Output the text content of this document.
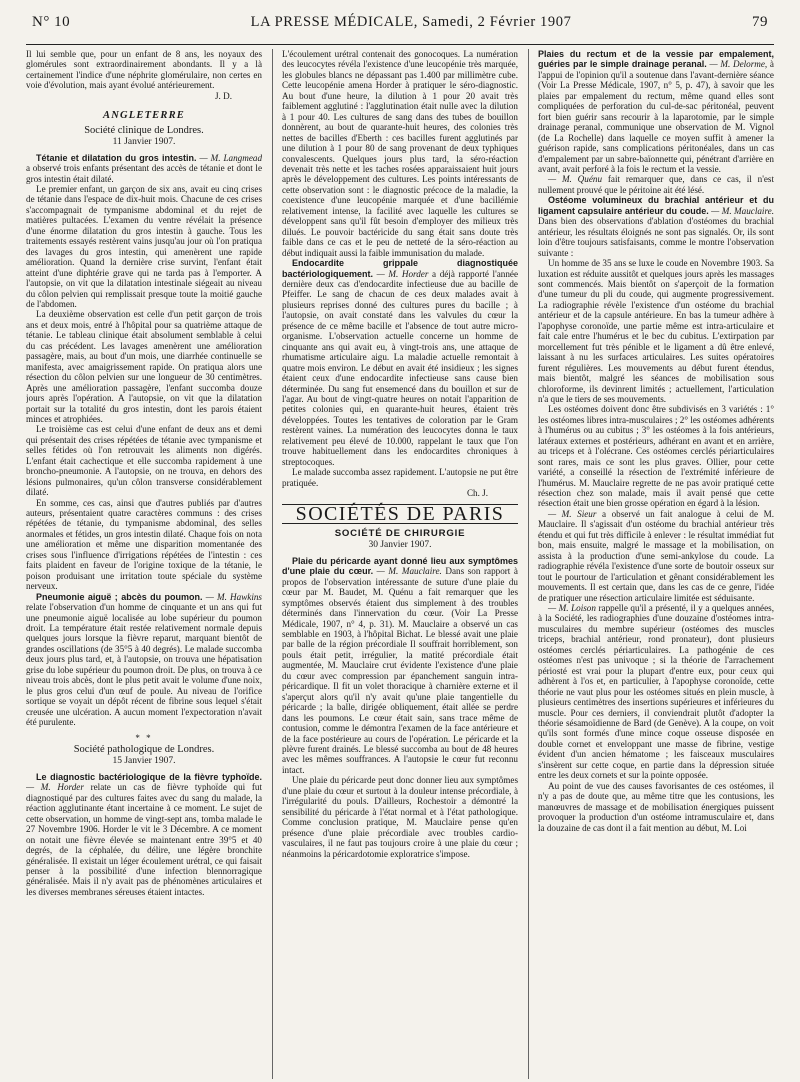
N° 10	LA PRESSE MÉDICALE, Samedi, 2 Février 1907	79

Il lui semble que, pour un enfant de 8 ans, les noyaux des glomérules sont extraordinairement abondants. Il y a là certainement l'indice d'une néphrite glomérulaire, non certes en voie d'évolution, mais ayant évolué antérieurement.

J. D.

ANGLETERRE
Société clinique de Londres.
11 Janvier 1907.

Tétanie et dilatation du gros intestin. — M. Langmead a observé trois enfants présentant des accès de tétanie et dont le gros intestin était dilaté.

Le premier enfant, un garçon de six ans, avait eu cinq crises de tétanie dans l'espace de dix-huit mois. Chacune de ces crises s'accompagnait de tympanisme abdominal et du rejet de matières pultacées. L'examen du ventre révélait la présence d'une énorme dilatation du gros intestin à gauche. Tous les traitements essayés restèrent vains jusqu'au jour où l'on pratiqua des lavages du gros intestin, qui amenèrent une rapide amélioration. Quand la dernière crise survint, l'enfant était atteint d'une diphtérie grave qui ne tarda pas à l'emporter. A l'autopsie, on vit que la dilatation intestinale siégeait au niveau du côlon pelvien qui remplissait presque toute la moitié gauche de l'abdomen.

La deuxième observation est celle d'un petit garçon de trois ans et deux mois, entré à l'hôpital pour sa quatrième attaque de tétanie. Le tableau clinique était absolument semblable à celui du cas précédent. Les lavages amenèrent une amélioration passagère, mais, au bout d'un mois, une diarrhée continuelle se manifesta, avec amaigrissement rapide. On pratiqua alors une résection du côlon pelvien sur une longueur de 30 centimètres. Après une amélioration passagère, l'enfant succomba douze jours après l'opération. A l'autopsie, on vit que la dilatation portait sur la totalité du gros intestin, dont les parois étaient minces et atrophiées.

Le troisième cas est celui d'une enfant de deux ans et demi qui présentait des crises répétées de tétanie avec tympanisme et selles fétides où l'on retrouvait les aliments non digérés. L'enfant était cachectique et elle succomba rapidement à une broncho-pneumonie. A l'autopsie, on ne trouva, en dehors des lésions pulmonaires, qu'un côlon transverse considérablement dilaté.

En somme, ces cas, ainsi que d'autres publiés par d'autres auteurs, présentaient quatre caractères communs : des crises répétées de tétanie, du tympanisme abdominal, des selles anormales et fétides, un gros intestin dilaté. Chaque fois on nota une amélioration et même une disparition momentanée des crises sous l'influence d'irrigations répétées de l'intestin : ces faits plaident en faveur de l'origine toxique de la tétanie, le poison produisant une irritation toute spéciale du système nerveux.

Pneumonie aiguë ; abcès du poumon. — M. Hawkins relate l'observation d'un homme de cinquante et un ans qui fut une pneumonie aiguë localisée au lobe supérieur du poumon droit. La température était restée relativement normale depuis quelques jours lorsque la fièvre reparut, marquant bientôt de grandes oscillations (de 35°5 à 40 degrés). Le malade succomba deux jours plus tard, et, à l'autopsie, on trouva une hépatisation grise du lobe supérieur du poumon droit. De plus, on trouva à ce niveau trois abcès, dont le plus petit avait le volume d'une noix, le plus gros celui d'un œuf de poule. Au niveau de l'orifice sortique se voyait un dépôt récent de fibrine sous lequel s'était creusée une ulcération. A aucun moment l'expectoration n'avait été purulente.

* *
Société pathologique de Londres.
15 Janvier 1907.

Le diagnostic bactériologique de la fièvre typhoïde. — M. Horder relate un cas de fièvre typhoïde qui fut diagnostiqué par des cultures faites avec du sang du malade, la réaction agglutinante étant incertaine à ce moment. Le sujet de cette observation, un homme de vingt-sept ans, tomba malade le 27 Novembre 1906. Horder le vit le 3 Décembre. A ce moment on notait une fièvre élevée se maintenant entre 39°5 et 40 degrés, de la céphalée, du délire, une légère bronchite généralisée. Il existait un léger écoulement urétral, ce qui faisait penser à la possibilité d'une infection blennorragique généralisée. Mais il n'y avait pas de phénomènes articulaires et les diverses membranes séreuses étaient intactes.

L'écoulement urétral contenait des gonocoques. La numération des leucocytes révéla l'existence d'une leucopénie très marquée, les globules blancs ne dépassant pas 1.400 par millimètre cube. Cette leucopénie amena Horder à pratiquer le séro-diagnostic. Au bout d'une heure, la dilution à 1 pour 20 avait très faiblement agglutiné : l'agglutination était nulle avec la dilution à 1 pour 40. Les cultures de sang dans des tubes de bouillon donnèrent, au bout de quarante-huit heures, des colonies très nettes de bacilles d'Eberth : ces bacilles furent agglutinés par une dilution à 1 pour 80 de sang provenant de deux typhiques convalescents. Quelques jours plus tard, la séro-réaction devenait très nette et les taches rosées apparaissaient huit jours après le développement des cultures. Les points intéressants de cette observation sont : le diagnostic précoce de la maladie, la coexistence d'une leucopénie marquée et d'une bacillémie relativement intense, la facilité avec laquelle les cultures se développent sans qu'il fût besoin d'employer des milieux très dilués. Le pouvoir bactéricide du sang était sans doute très faible dans ce cas et le peu de netteté de la séro-réaction au début indiquait aussi la faible immunisation du malade.

Endocardite grippale diagnostiquée bactériologiquement. — M. Horder a déjà rapporté l'année dernière deux cas d'endocardite infectieuse due au bacille de Pfeiffer. Le sang de chacun de ces deux malades avait à plusieurs reprises donné des cultures pures du bacille ; à l'autopsie, on avait constaté dans les valvules du cœur la présence de ce même bacille et l'absence de tout autre micro-organisme. L'observation actuelle concerne un homme de cinquante ans qui avait eu, à vingt-trois ans, une attaque de rhumatisme articulaire aigu. La maladie actuelle remontait à quatre mois environ. Le début en avait été insidieux ; les signes étaient ceux d'une endocardite infectieuse sans cause bien déterminée. Du sang fut ensemencé dans du bouillon et sur de l'agar. Au bout de vingt-quatre heures on notait l'apparition de petites colonies qui, en quarante-huit heures, étaient très développées. Toutes les tentatives de coloration par le Gram restèrent vaines. La numération des leucocytes donna le taux relativement peu élevé de 10.000, rappelant le taux que l'on trouve habituellement dans les endocardites chroniques à streptocoques.

Le malade succomba assez rapidement. L'autopsie ne put être pratiquée.

Ch. J.

SOCIÉTÉS DE PARIS
SOCIÉTÉ DE CHIRURGIE
30 Janvier 1907.

Plaie du péricarde ayant donné lieu aux symptômes d'une plaie du cœur. — M. Mauclaire. Dans son rapport à propos de l'observation intéressante de suture d'une plaie du cœur par M. Baudet, M. Quénu a fait remarquer que les symptômes observés étaient dus simplement à des troubles déterminés dans l'innervation du cœur. (Voir La Presse Médicale, 1907, n° 4, p. 31). M. Mauclaire a observé un cas semblable en 1903, à l'hôpital Bichat. Le blessé avait une plaie par balle de la région précordiale Il souffrait horriblement, son pouls était petit, irrégulier, la matité précordiale était augmentée, M. Mauclaire crut évidente l'existence d'une plaie du cœur avec compression par épanchement sanguin intra-péricardique. Il fit un volet thoracique à charnière externe et il s'aperçut alors qu'il n'y avait qu'une plaie tangentielle du péricarde ; la balle, dirigée obliquement, était allée se perdre dans les poumons. Le cœur était sain, sans trace même de contusion, comme le démontra l'examen de la face antérieure et de la face postérieure au cours de l'opération. Le péricarde et la plèvre furent drainés. Le blessé succomba au bout de 48 heures avec les mêmes souffrances. A l'autopsie le cœur fut reconnu intact.

Une plaie du péricarde peut donc donner lieu aux symptômes d'une plaie du cœur et surtout à la douleur intense précordiale, à l'irrégularité du pouls. D'ailleurs, Rochestoir a démontré la sensibilité du péricarde à l'état normal et à l'état pathologique. Comme conclusion pratique, M. Mauclaire pense qu'en présence d'une plaie précordiale avec troubles cardio-vasculaires, il ne faut pas toujours croire à une plaie du cœur ; néanmoins la péricardotomie exploratrice s'impose.

Plaies du rectum et de la vessie par empalement, guéries par le simple drainage peranal. — M. Delorme, à l'appui de l'opinion qu'il a soutenue dans l'avant-dernière séance (Voir La Presse Médicale, 1907, n° 5, p. 47), à savoir que les plaies par empalement du rectum, même quand elles sont compliquées de perforation du cul-de-sac péritonéal, peuvent fort bien guérir sans recourir à la laparotomie, par le simple drainage peranal, communique une observation de M. Vignol (de La Rochelle) dans laquelle ce moyen suffit à amener la guérison rapide, sans complications péritonéales, dans un cas d'empalement par un sabre-baïonnette qui, pénétrant d'arrière en avant, avait perforé à la fois le rectum et la vessie.

— M. Quénu fait remarquer que, dans ce cas, il n'est nullement prouvé que le péritoine ait été lésé.

Ostéome volumineux du brachial antérieur et du ligament capsulaire antérieur du coude. — M. Mauclaire. Dans bien des observations d'ablation d'ostéomes du brachial antérieur, les résultats éloignés ne sont pas signalés. Or, ils sont loin d'être toujours satisfaisants, comme le montre l'observation suivante :

Un homme de 35 ans se luxe le coude en Novembre 1903. Sa luxation est réduite aussitôt et quelques jours après les massages sont commencés. Mais bientôt on s'aperçoit de la formation d'une tumeur du pli du coude, qui augmente progressivement. La radiographie révèle l'existence d'un ostéome du brachial antérieur et de la capsule antérieure. En bas la tumeur adhère à l'apophyse coronoïde, une partie même est intra-articulaire et fait cale entre l'humérus et le bec du cubitus. L'extirpation par morcellement fut très pénible et le ligament a dû être enlevé, laissant à nu les surfaces articulaires. Les suites opératoires furent régulières. Les mouvements au début furent étendus, mais bientôt, malgré les séances de mobilisation sous chloroforme, ils devinrent limités ; actuellement, l'articulation n'a que le tiers de ses mouvements.

Les ostéomes doivent donc être subdivisés en 3 variétés : 1° les ostéomes libres intra-musculaires ; 2° les ostéomes adhérents à l'humérus ou au cubitus ; 3° les ostéomes à la fois antérieurs, latéraux externes et postérieurs, adhérant en avant et en arrière, au triceps et à l'olécrane. Ces ostéomes cerclés périarticulaires sont rares, mais ce sont les plus graves. Ollier, pour cette variété, a conseillé la résection de l'extrémité inférieure de l'humérus. M. Mauclaire regrette de ne pas avoir pratiqué cette résection chez son malade, mais il avait pensé que cette résection était une bien grosse opération en égard à la lésion.

— M. Sieur a observé un fait analogue à celui de M. Mauclaire. Il s'agissait d'un ostéome du brachial antérieur très étendu et qui fut très difficile à enlever : le résultat immédiat fut bon, mais ensuite, malgré le massage et la mobilisation, on assista à la production d'une semi-ankylose du coude. La radiographie révéla l'existence d'une sorte de boutoir osseux sur tout le pourtour de l'articulation et gênant considérablement les mouvements. Il est certain que, dans les cas de ce genre, l'idée de pratiquer une résection articulaire limitée est séduisante.

— M. Loison rappelle qu'il a présenté, il y a quelques années, à la Société, les radiographies d'une douzaine d'ostéomes intra-musculaires du membre supérieur (ostéomes des muscles triceps, brachial antérieur, rond pronateur), dont plusieurs ostéomes cerclés périarticulaires. La pathogénie de ces ostéomes n'est pas univoque ; si la théorie de l'arrachement périosté est vrai pour la plupart d'entre eux, pour ceux qui adhèrent à l'os et, en particulier, à l'apophyse coronoïde, cette théorie ne vaut plus pour les ostéomes situés en plein muscle, à plusieurs centimètres des insertions supérieures et inférieures du muscle. Pour ces derniers, il conviendrait plutôt d'adopter la théorie sésamoïdienne de Bard (de Genève). A la coupe, on voit qu'ils sont formés d'une mince coque osseuse disposée en double cornet et enveloppant une masse de fibrine, vestige évident d'un ancien hématome ; les faisceaux musculaires s'insèrent sur cette coque, en partie dans la dépression située entre les deux cornets et sur la pointe opposée.

Au point de vue des causes favorisantes de ces ostéomes, il n'y a pas de doute que, au même titre que les contusions, les manœuvres de massage et de mobilisation énergiques puissent provoquer la production d'un ostéome intramusculaire et, dans la douzaine de cas dont il a fait mention au début, M. Loi
